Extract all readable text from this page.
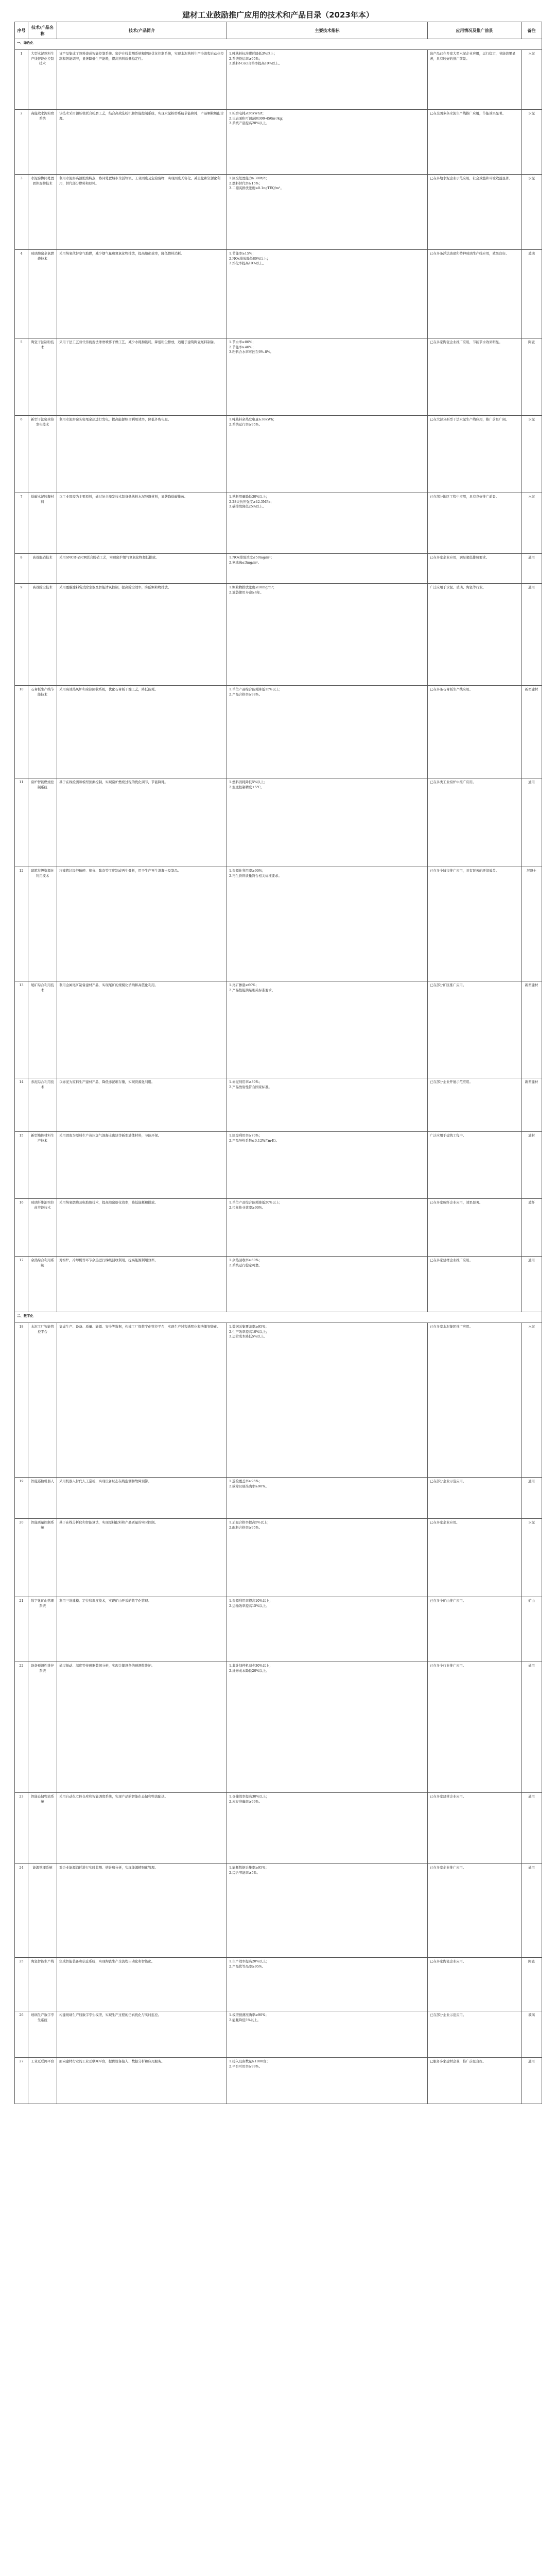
建材工业鼓励推广应用的技术和产品目录（2023年本）
序号	技术/产品名称	技术/产品简介	主要技术指标	应用情况及推广前景	备注
一、绿色化					
1	大型水泥熟料生产线智能化控制技术	该产品集成了熟料烧成智能控制系统、窑炉在线监测系统和智能优化控制系统，实现水泥熟料生产全流程自动化控制和智能调节，显著降低生产能耗，提高熟料质量稳定性。	1.吨熟料标准煤耗降低3%以上；
2.系统投运率≥95%；
3.熟料f-CaO合格率提高10%以上。	该产品已在多家大型水泥企业应用，运行稳定，节能效果显著，具有较好的推广前景。	水泥
2	高能效水泥粉磨系统	该技术采用辊压机联合粉磨工艺，结合高效选粉机和智能控制系统，实现水泥粉磨系统节能降耗，产品颗粒级配合理。	1.粉磨电耗≤26kWh/t；
2.比表面积可调范围300-450m²/kg；
3.系统产量提高20%以上。	已在全国多条水泥生产线推广应用，节能效果显著。	水泥
3	水泥窑协同处置固体废物技术	利用水泥窑高温煅烧特点，协同处置城市生活垃圾、工业固废及危险废物，实现固废无害化、减量化和资源化利用，替代部分燃料和原料。	1.固废处置能力≥300t/d；
2.燃料替代率≥15%；
3.二噁英排放浓度≤0.1ngTEQ/m³。	已在多地水泥企业示范应用，社会效益和环境效益显著。	水泥
4	玻璃熔窑全氧燃烧技术	采用纯氧代替空气助燃，减少烟气量和氮氧化物排放，提高熔化效率，降低燃料消耗。	1.节能率≥15%；
2.NOx排放降低80%以上；
3.熔化率提高10%以上。	已在多条浮法玻璃和特种玻璃生产线应用，效果良好。	玻璃
5	陶瓷干法制粉技术	采用干法工艺替代传统湿法球磨喷雾干燥工艺，减少水耗和能耗，降低粉尘排放，适用于建筑陶瓷坯料制备。	1.节水率≥80%；
2.节能率≥40%；
3.粉料含水率可控在6%-8%。	已在多家陶瓷企业推广应用，节能节水效果明显。	陶瓷
6	新型干法窑余热发电技术	利用水泥窑窑头窑尾余热进行发电，提高能源综合利用效率，降低外购电量。	1.吨熟料余热发电量≥38kWh；
2.系统运行率≥95%。	已在大部分新型干法水泥生产线应用，推广前景广阔。	水泥
7	低碳水泥胶凝材料	以工业固废为主要原料，通过复合激发技术制备低熟料水泥胶凝材料，显著降低碳排放。	1.熟料用量降低30%以上；
2.28天抗压强度≥42.5MPa；
3.碳排放降低25%以上。	已在部分地区工程中应用，具有良好推广前景。	水泥
8	高效脱硝技术	采用SNCR与SCR联合脱硝工艺，实现窑炉烟气氮氧化物超低排放。	1.NOx排放浓度≤50mg/m³；
2.氨逃逸≤3mg/m³。	已在多家企业应用，满足超低排放要求。	通用
9	高效除尘技术	采用覆膜滤料袋式除尘器及智能清灰控制，提高除尘效率，降低颗粒物排放。	1.颗粒物排放浓度≤10mg/m³；
2.滤袋使用寿命≥4年。	广泛应用于水泥、玻璃、陶瓷等行业。	通用
10	石膏板生产线节能技术	采用高效热风炉和余热回收系统，优化石膏板干燥工艺，降低能耗。	1.单位产品综合能耗降低15%以上；
2.产品合格率≥98%。	已在多条石膏板生产线应用。	新型建材
11	窑炉智能燃烧控制系统	基于在线检测和模型预测控制，实现窑炉燃烧过程的优化调节，节能降耗。	1.燃料消耗降低5%以上；
2.温度控制精度±5℃。	已在多类工业窑炉中推广应用。	通用
12	建筑垃圾资源化利用技术	将建筑垃圾经破碎、筛分、除杂等工序制成再生骨料，用于生产再生混凝土及制品。	1.资源化利用率≥90%；
2.再生骨料质量符合相关标准要求。	已在多个城市推广应用，具有显著的环境效益。	混凝土
13	尾矿综合利用技术	利用金属尾矿制备建材产品，实现尾矿的规模化消纳和高值化利用。	1.尾矿掺量≥60%；
2.产品性能满足相关标准要求。	已在部分矿区推广应用。	新型建材
14	赤泥综合利用技术	以赤泥为原料生产建材产品，降低赤泥堆存量，实现资源化利用。	1.赤泥利用率≥30%；
2.产品放射性符合国家标准。	已在部分企业开展示范应用。	新型建材
15	新型墙体材料生产技术	采用固废为原料生产蒸压加气混凝土砌块等新型墙体材料，节能环保。	1.固废利用率≥70%；
2.产品导热系数≤0.12W/(m·K)。	广泛应用于建筑工程中。	墙材
16	玻璃纤维池窑拉丝节能技术	采用纯氧燃烧及电助熔技术，提高池窑熔化效率，降低能耗和排放。	1.单位产品综合能耗降低20%以上；
2.拉丝作业效率≥90%。	已在多家玻纤企业应用，效果显著。	玻纤
17	余热综合利用系统	对窑炉、冷却机等环节余热进行梯级回收利用，提高能源利用效率。	1.余热回收率≥60%；
2.系统运行稳定可靠。	已在多家建材企业推广应用。	通用
二、数字化					
18	水泥工厂智能管控平台	集成生产、设备、质量、能源、安全等数据，构建工厂级数字化管控平台，实现生产过程透明化和决策智能化。	1.数据采集覆盖率≥95%；
2.生产效率提高10%以上；
3.运营成本降低5%以上。	已在多家水泥集团推广应用。	水泥
19	智能巡检机器人	采用机器人替代人工巡检，实现设备状态在线监测和故障预警。	1.巡检覆盖率≥95%；
2.故障识别准确率≥90%。	已在部分企业示范应用。	通用
20	智能质量控制系统	基于在线分析仪和智能算法，实现原料配料和产品质量的实时控制。	1.质量合格率提高5%以上；
2.配料合格率≥95%。	已在多家企业应用。	水泥
21	数字化矿山管理系统	利用三维建模、定位和调度技术，实现矿山开采的数字化管理。	1.资源利用率提高10%以上；
2.运输效率提高15%以上。	已在多个矿山推广应用。	矿山
22	设备预测性维护系统	通过振动、温度等传感器数据分析，实现关键设备的预测性维护。	1.非计划停机减少30%以上；
2.维修成本降低20%以上。	已在多个行业推广应用。	通用
23	智能仓储物流系统	采用自动化立体仓库和智能调度系统，实现产品的智能化仓储和物流配送。	1.仓储效率提高30%以上；
2.库存准确率≥99%。	已在多家建材企业应用。	通用
24	能源管理系统	对企业能源消耗进行实时监测、统计和分析，实现能源精细化管理。	1.能耗数据采集率≥95%；
2.综合节能率≥5%。	已在多家企业推广应用。	通用
25	陶瓷智能生产线	集成智能装备和信息系统，实现陶瓷生产全流程自动化和智能化。	1.生产效率提高20%以上；
2.产品优等品率≥95%。	已在多家陶瓷企业应用。	陶瓷
26	玻璃生产数字孪生系统	构建玻璃生产线数字孪生模型，实现生产过程的仿真优化与实时监控。	1.模型预测准确率≥90%；
2.能耗降低5%以上。	已在部分企业示范应用。	玻璃
27	工业互联网平台	面向建材行业的工业互联网平台，提供设备接入、数据分析和应用服务。	1.接入设备数量≥1000台；
2.平台可用率≥99%。	已服务多家建材企业，推广前景良好。	通用
